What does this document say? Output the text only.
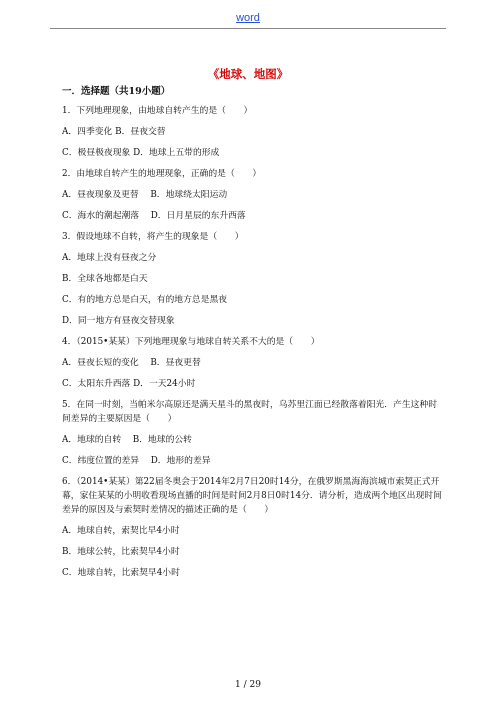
word
《地球、地图》
一．选择题（共19小题）
1．下列地理现象，由地球自转产生的是（　　）
A．四季变化 B．昼夜交替
C．极昼极夜现象 D．地球上五带的形成
2．由地球自转产生的地理现象，正确的是（　　）
A．昼夜现象及更替　 B．地球绕太阳运动
C．海水的潮起潮落　 D．日月星辰的东升西落
3．假设地球不自转，将产生的现象是（　　）
A．地球上没有昼夜之分
B．全球各地都是白天
C．有的地方总是白天，有的地方总是黑夜
D．同一地方有昼夜交替现象
4．（2015•某某）下列地理现象与地球自转关系不大的是（　　）
A．昼夜长短的变化　 B．昼夜更替
C．太阳东升西落 D．一天24小时
5．在同一时刻，当帕米尔高原还是满天星斗的黑夜时，乌苏里江面已经散落着阳光．产生这种时间差异的主要原因是（　　）
A．地球的自转　 B．地球的公转
C．纬度位置的差异　 D．地形的差异
6．（2014•某某）第22届冬奥会于2014年2月7日20时14分，在俄罗斯黑海海滨城市索契正式开幕，家住某某的小明收看现场直播的时间是时间2月8日0时14分．请分析，造成两个地区出现时间差异的原因及与索契时差情况的描述正确的是（　　）
A．地球自转，索契比早4小时
B．地球公转，比索契早4小时
C．地球自转，比索契早4小时
1 / 29
